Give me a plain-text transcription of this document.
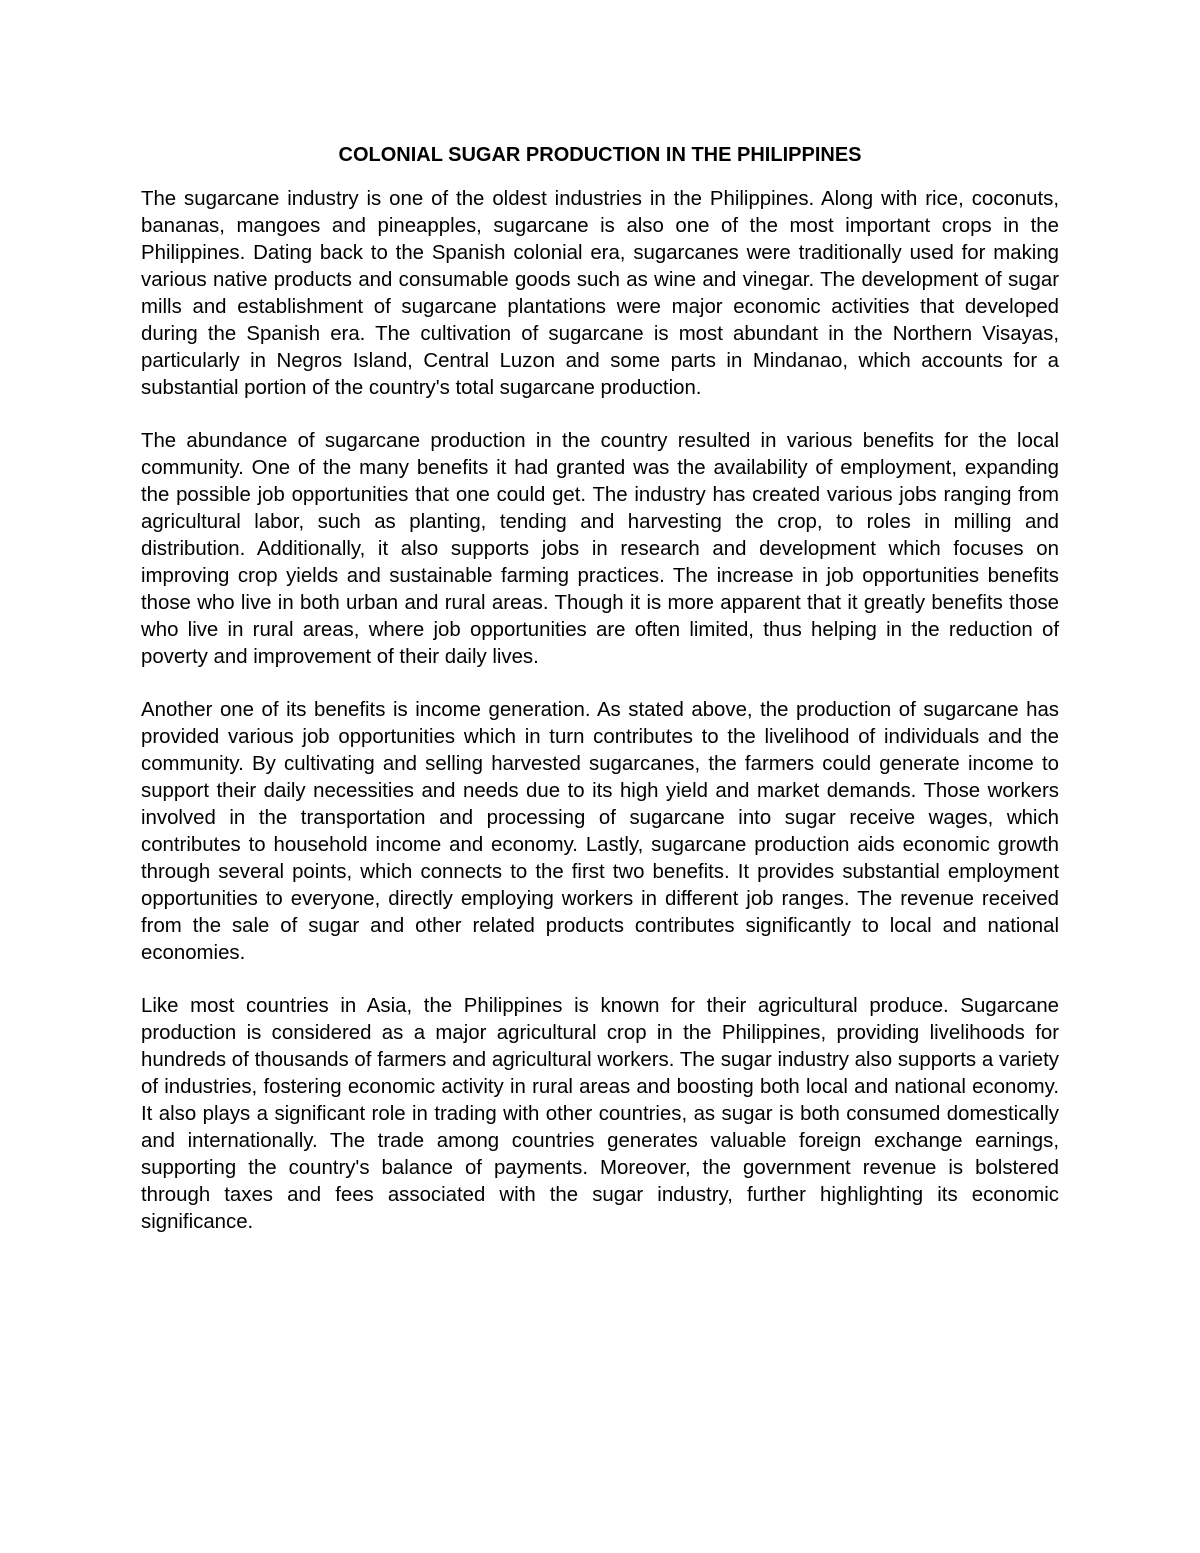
COLONIAL SUGAR PRODUCTION IN THE PHILIPPINES

The sugarcane industry is one of the oldest industries in the Philippines. Along with rice, coconuts, bananas, mangoes and pineapples, sugarcane is also one of the most important crops in the Philippines. Dating back to the Spanish colonial era, sugarcanes were traditionally used for making various native products and consumable goods such as wine and vinegar. The development of sugar mills and establishment of sugarcane plantations were major economic activities that developed during the Spanish era. The cultivation of sugarcane is most abundant in the Northern Visayas, particularly in Negros Island, Central Luzon and some parts in Mindanao, which accounts for a substantial portion of the country's total sugarcane production.

The abundance of sugarcane production in the country resulted in various benefits for the local community. One of the many benefits it had granted was the availability of employment, expanding the possible job opportunities that one could get. The industry has created various jobs ranging from agricultural labor, such as planting, tending and harvesting the crop, to roles in milling and distribution. Additionally, it also supports jobs in research and development which focuses on improving crop yields and sustainable farming practices. The increase in job opportunities benefits those who live in both urban and rural areas. Though it is more apparent that it greatly benefits those who live in rural areas, where job opportunities are often limited, thus helping in the reduction of poverty and improvement of their daily lives.

Another one of its benefits is income generation. As stated above, the production of sugarcane has provided various job opportunities which in turn contributes to the livelihood of individuals and the community. By cultivating and selling harvested sugarcanes, the farmers could generate income to support their daily necessities and needs due to its high yield and market demands. Those workers involved in the transportation and processing of sugarcane into sugar receive wages, which contributes to household income and economy. Lastly, sugarcane production aids economic growth through several points, which connects to the first two benefits. It provides substantial employment opportunities to everyone, directly employing workers in different job ranges. The revenue received from the sale of sugar and other related products contributes significantly to local and national economies.

Like most countries in Asia, the Philippines is known for their agricultural produce. Sugarcane production is considered as a major agricultural crop in the Philippines, providing livelihoods for hundreds of thousands of farmers and agricultural workers. The sugar industry also supports a variety of industries, fostering economic activity in rural areas and boosting both local and national economy. It also plays a significant role in trading with other countries, as sugar is both consumed domestically and internationally. The trade among countries generates valuable foreign exchange earnings, supporting the country's balance of payments. Moreover, the government revenue is bolstered through taxes and fees associated with the sugar industry, further highlighting its economic significance.
